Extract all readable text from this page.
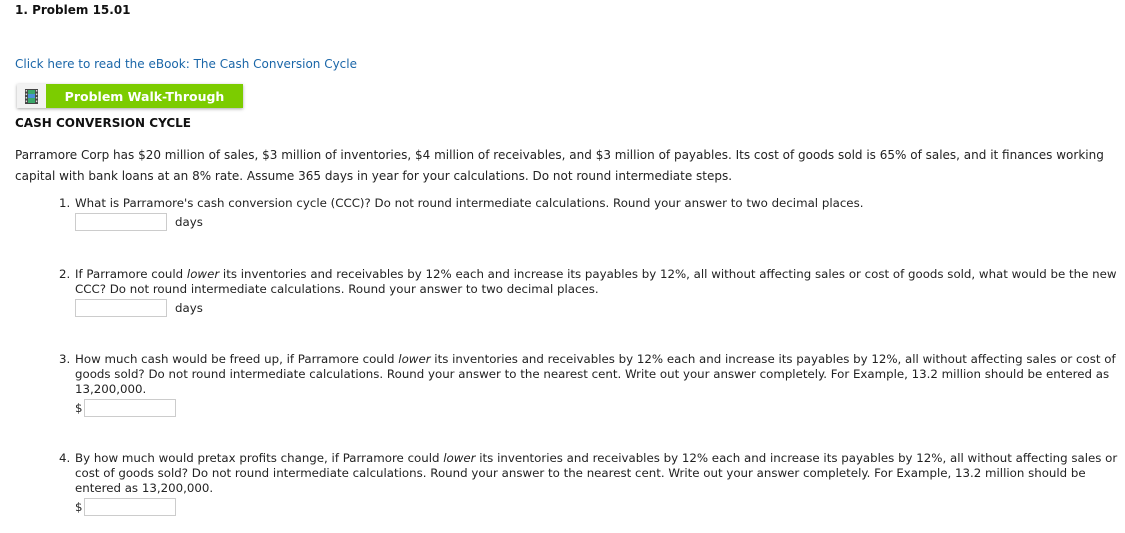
1. Problem 15.01
Click here to read the eBook: The Cash Conversion Cycle
Problem Walk-Through
CASH CONVERSION CYCLE
Parramore Corp has $20 million of sales, $3 million of inventories, $4 million of receivables, and $3 million of payables. Its cost of goods sold is 65% of sales, and it finances working capital with bank loans at an 8% rate. Assume 365 days in year for your calculations. Do not round intermediate steps.
1. What is Parramore's cash conversion cycle (CCC)? Do not round intermediate calculations. Round your answer to two decimal places.
days
2. If Parramore could lower its inventories and receivables by 12% each and increase its payables by 12%, all without affecting sales or cost of goods sold, what would be the new CCC? Do not round intermediate calculations. Round your answer to two decimal places.
days
3. How much cash would be freed up, if Parramore could lower its inventories and receivables by 12% each and increase its payables by 12%, all without affecting sales or cost of goods sold? Do not round intermediate calculations. Round your answer to the nearest cent. Write out your answer completely. For Example, 13.2 million should be entered as 13,200,000.
$
4. By how much would pretax profits change, if Parramore could lower its inventories and receivables by 12% each and increase its payables by 12%, all without affecting sales or cost of goods sold? Do not round intermediate calculations. Round your answer to the nearest cent. Write out your answer completely. For Example, 13.2 million should be entered as 13,200,000.
$
